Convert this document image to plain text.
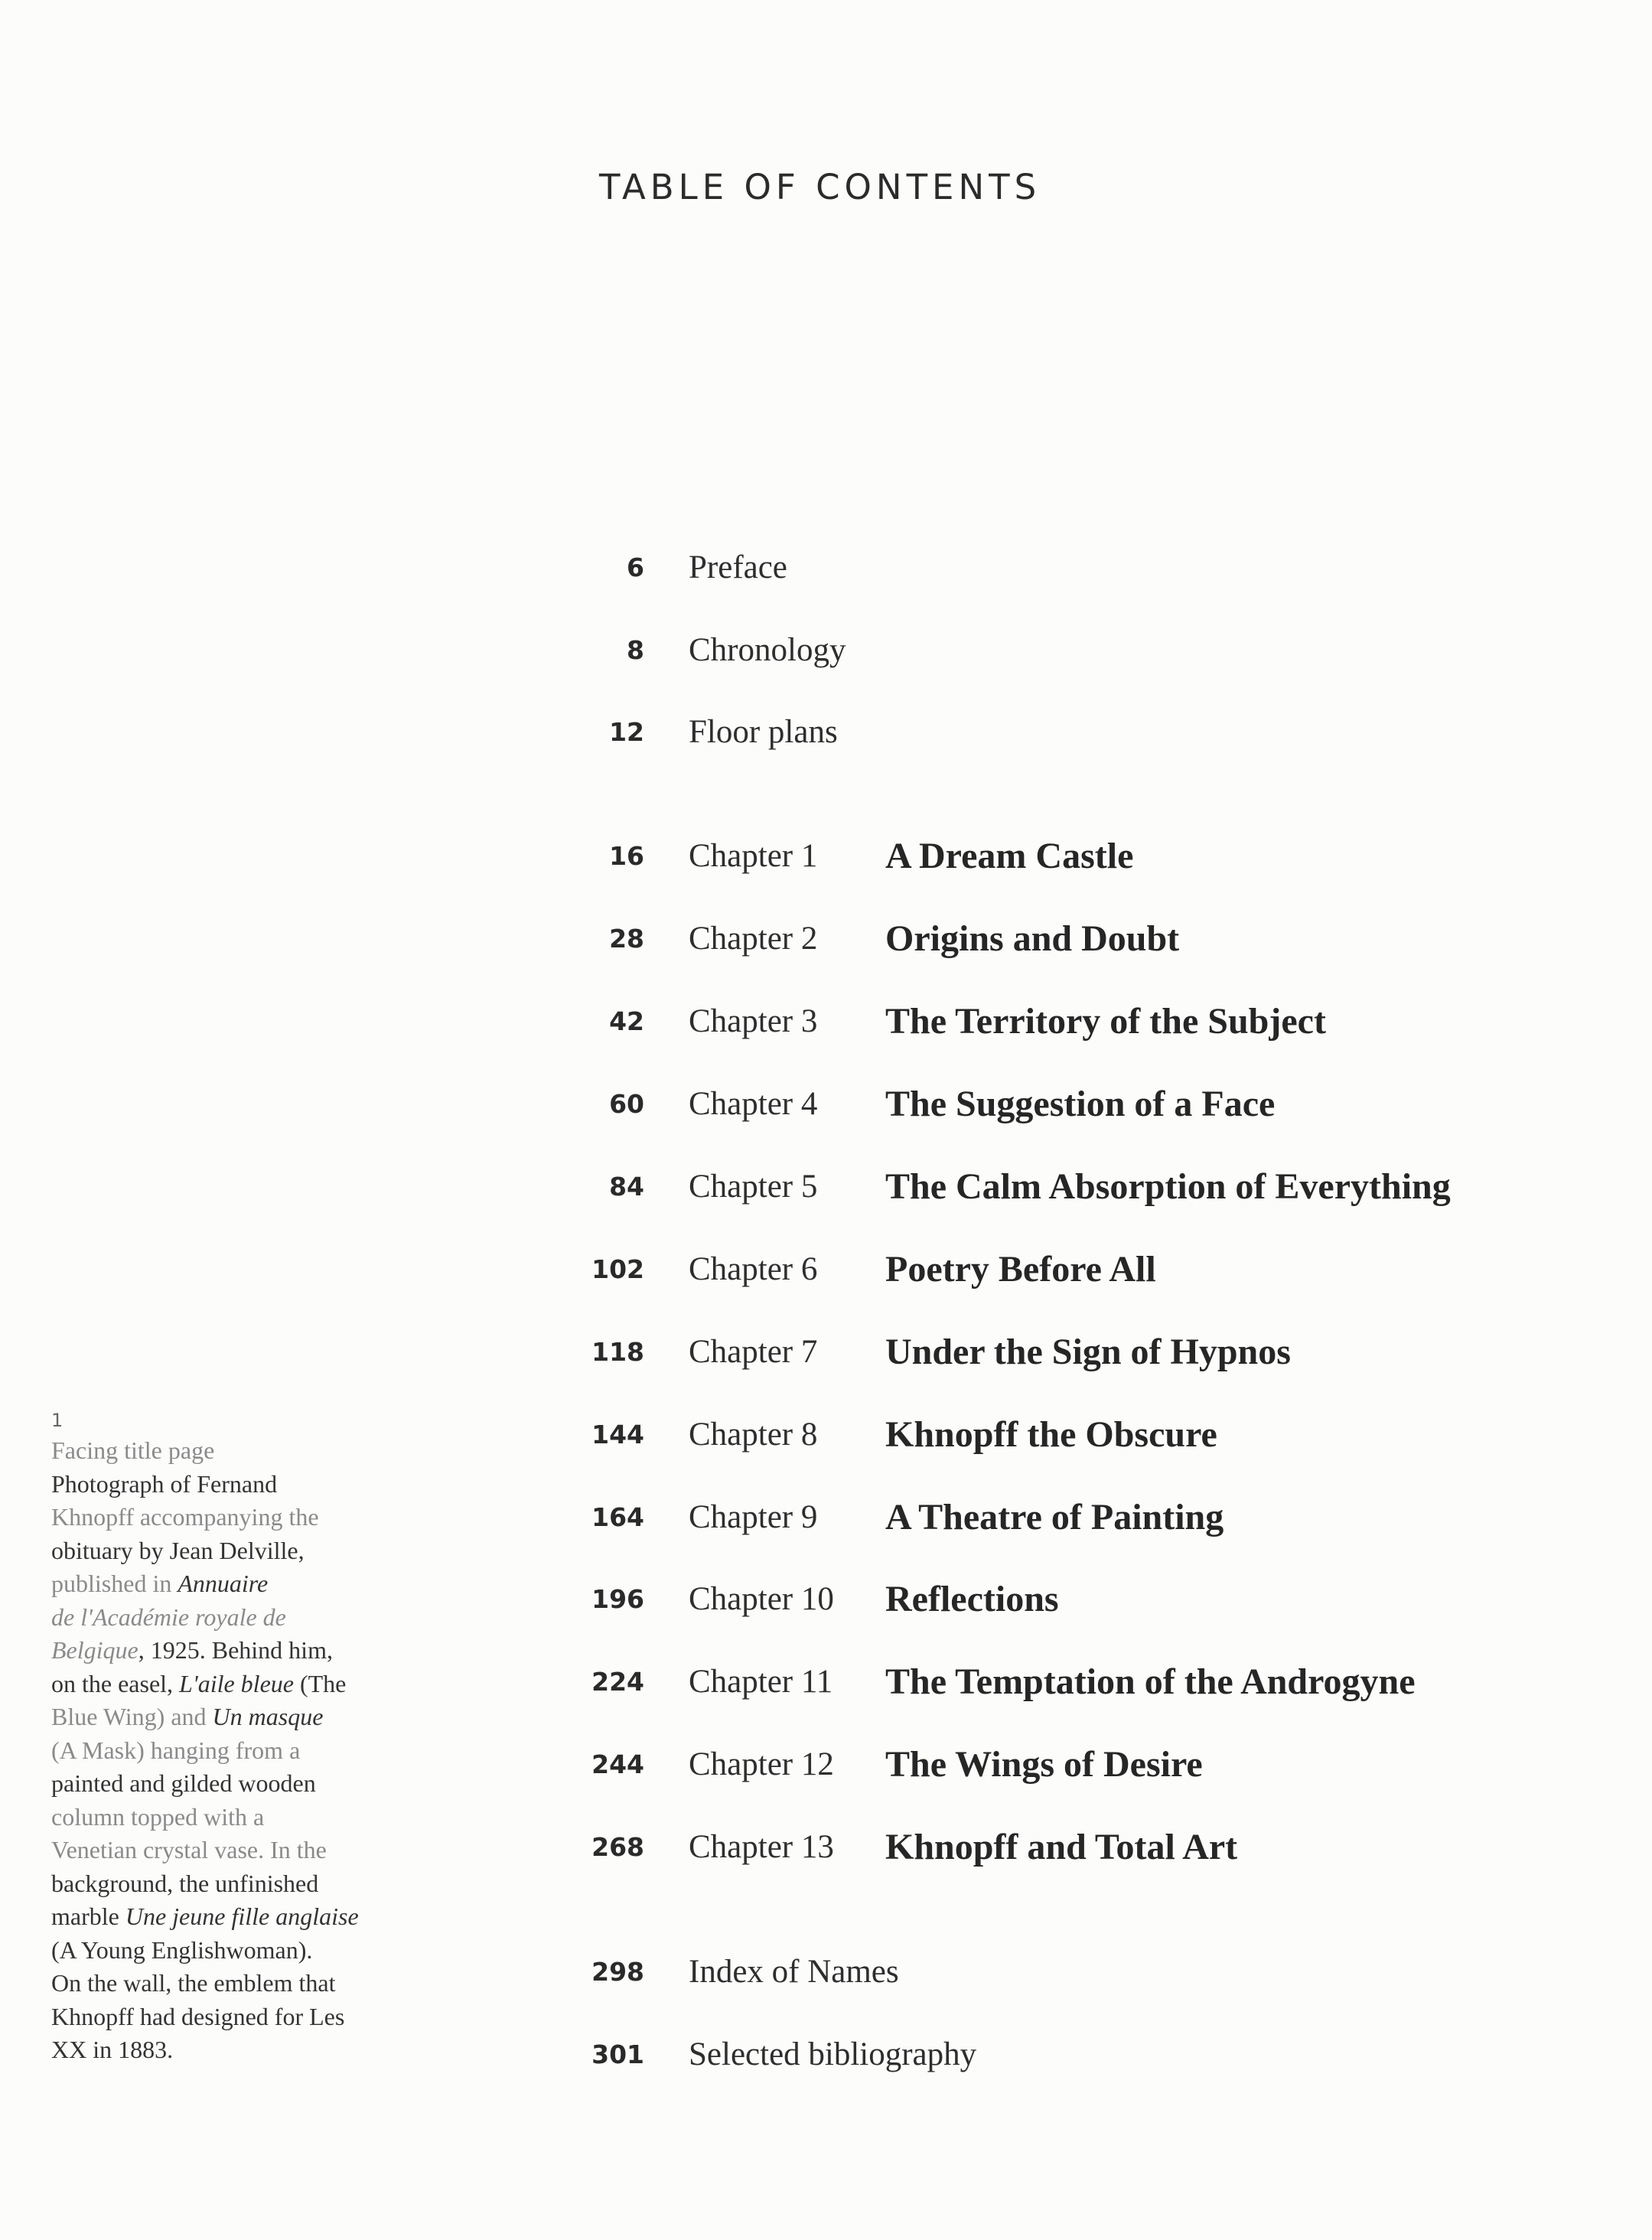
TABLE OF CONTENTS
6 Preface
8 Chronology
12 Floor plans
16 Chapter 1 A Dream Castle
28 Chapter 2 Origins and Doubt
42 Chapter 3 The Territory of the Subject
60 Chapter 4 The Suggestion of a Face
84 Chapter 5 The Calm Absorption of Everything
102 Chapter 6 Poetry Before All
118 Chapter 7 Under the Sign of Hypnos
144 Chapter 8 Khnopff the Obscure
164 Chapter 9 A Theatre of Painting
196 Chapter 10 Reflections
224 Chapter 11 The Temptation of the Androgyne
244 Chapter 12 The Wings of Desire
268 Chapter 13 Khnopff and Total Art
298 Index of Names
301 Selected bibliography
1
Facing title page
Photograph of Fernand
Khnopff accompanying the
obituary by Jean Delville,
published in Annuaire
de l'Académie royale de
Belgique, 1925. Behind him,
on the easel, L'aile bleue (The
Blue Wing) and Un masque
(A Mask) hanging from a
painted and gilded wooden
column topped with a
Venetian crystal vase. In the
background, the unfinished
marble Une jeune fille anglaise
(A Young Englishwoman).
On the wall, the emblem that
Khnopff had designed for Les
XX in 1883.
